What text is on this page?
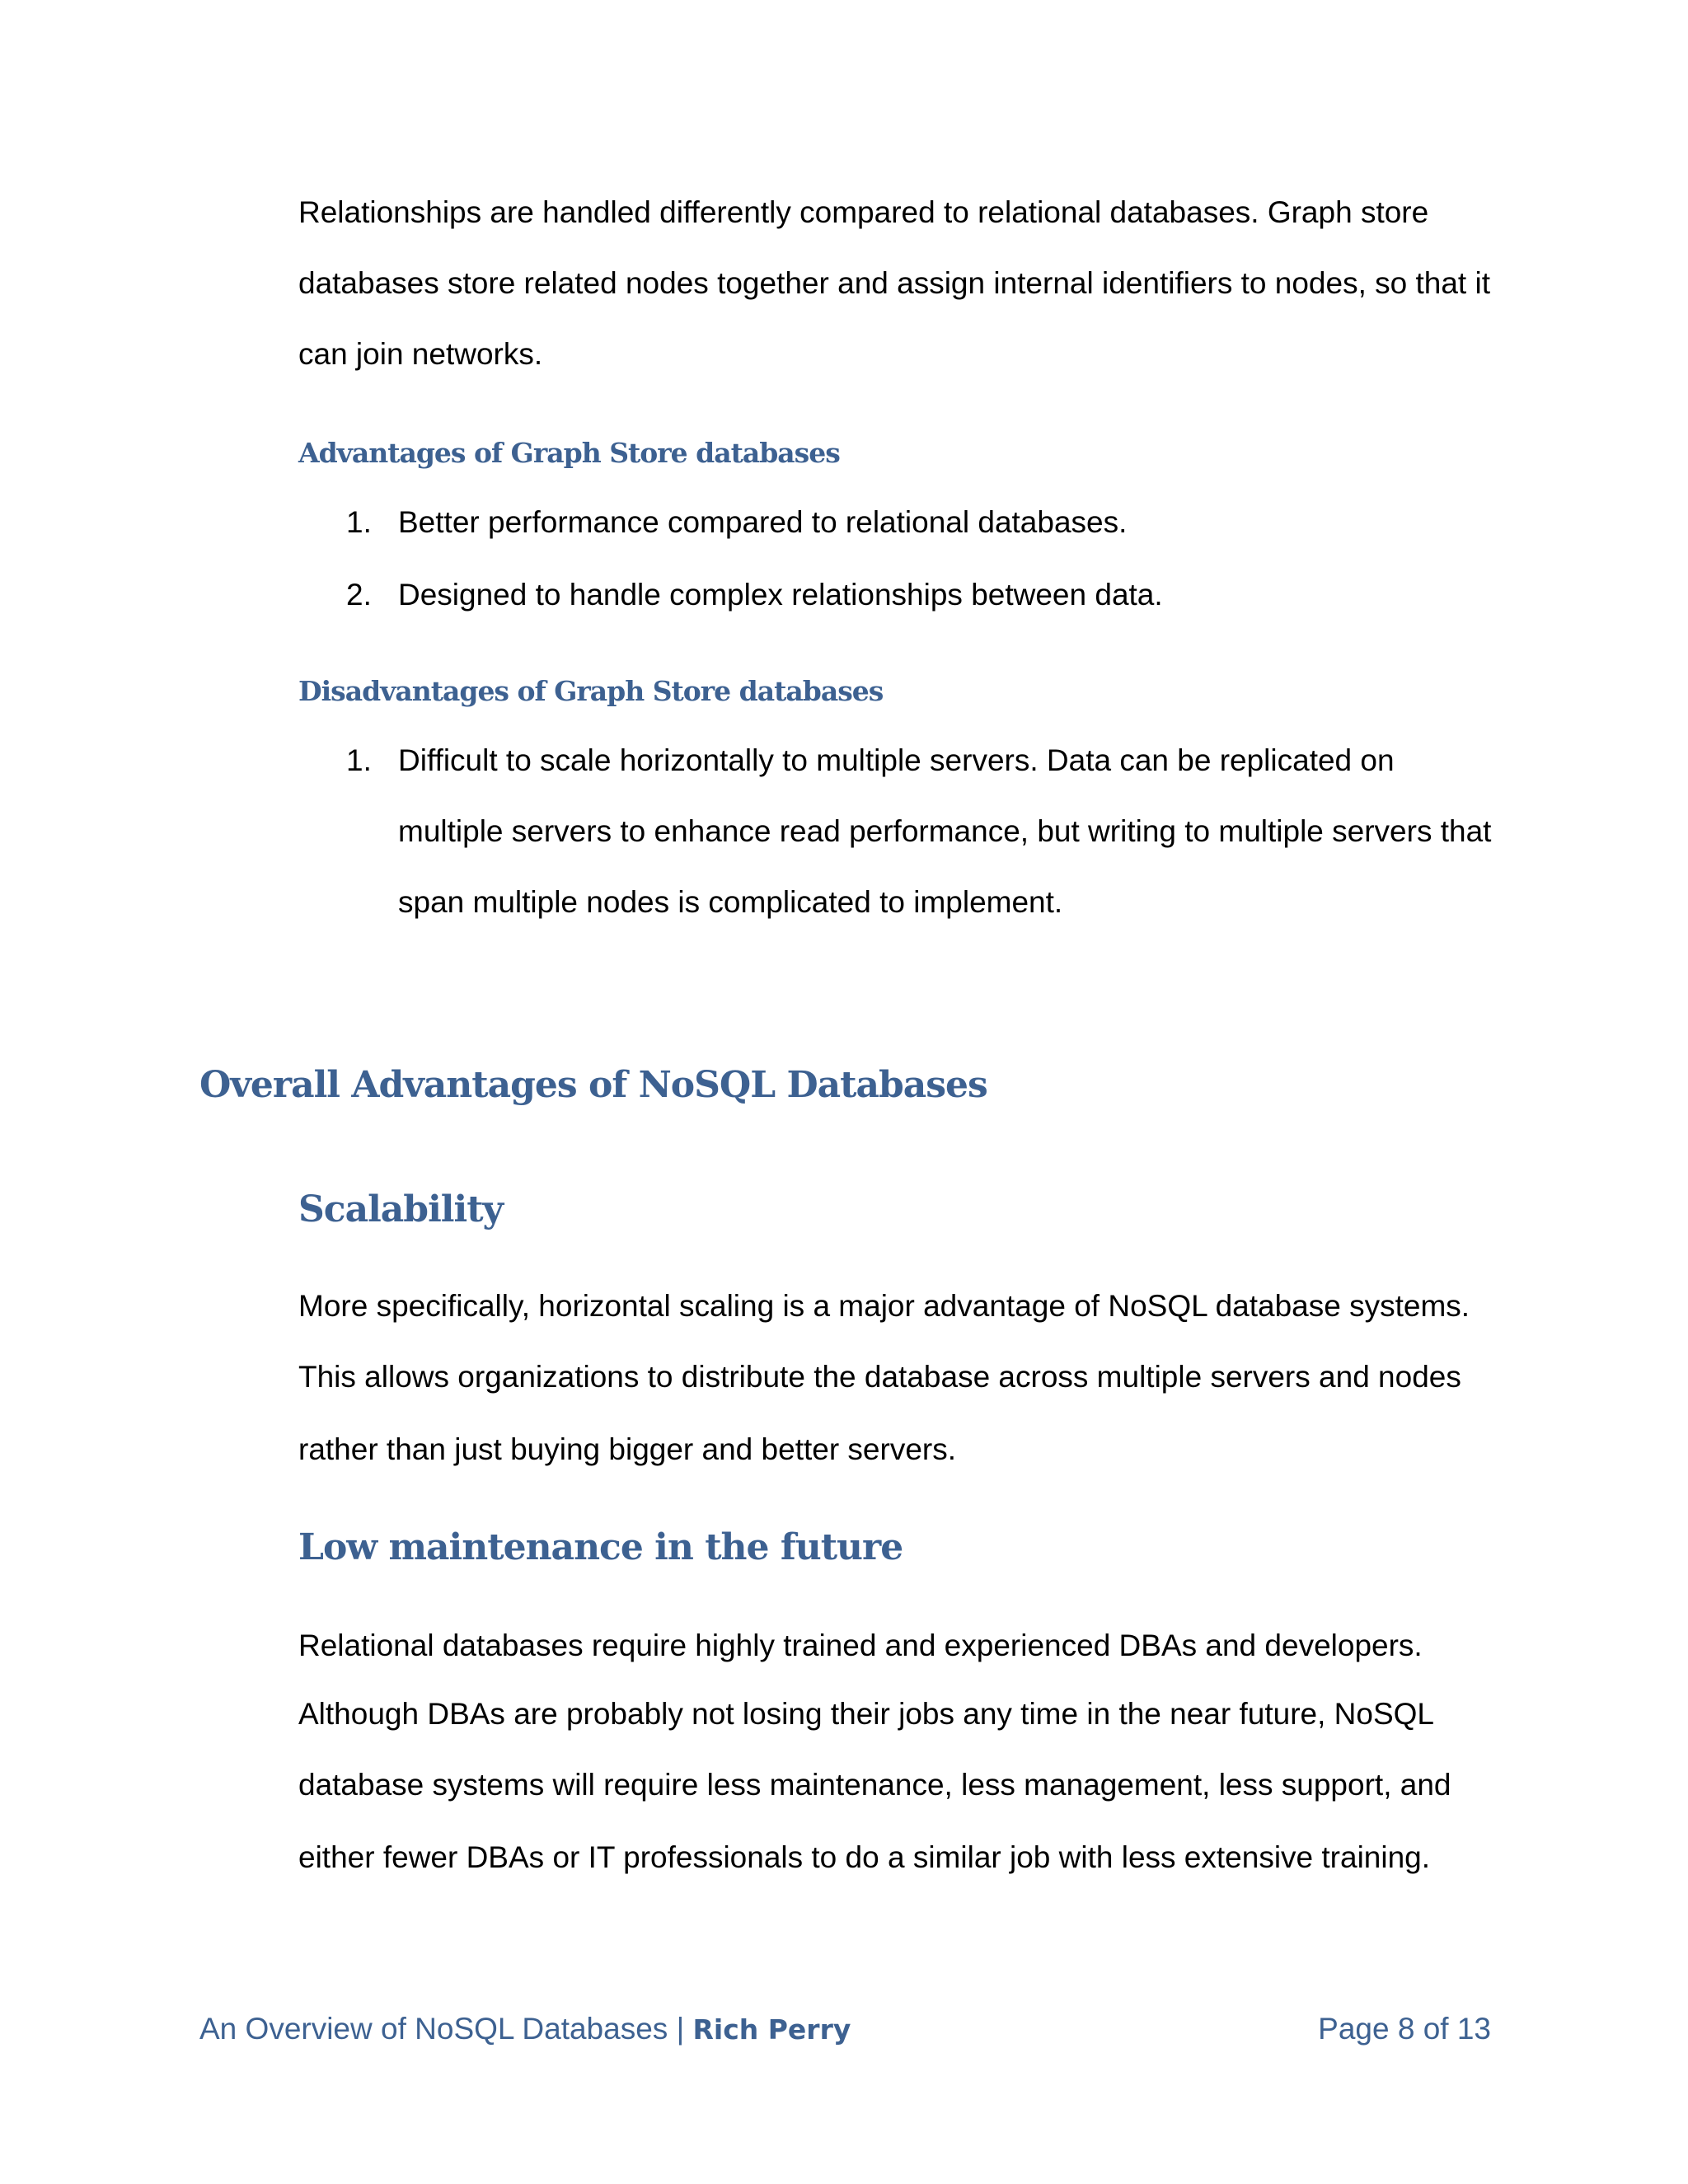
Relationships are handled differently compared to relational databases. Graph store
databases store related nodes together and assign internal identifiers to nodes, so that it
can join networks.
Advantages of Graph Store databases
1. Better performance compared to relational databases.
2. Designed to handle complex relationships between data.
Disadvantages of Graph Store databases
1. Difficult to scale horizontally to multiple servers. Data can be replicated on
multiple servers to enhance read performance, but writing to multiple servers that
span multiple nodes is complicated to implement.
Overall Advantages of NoSQL Databases
Scalability
More specifically, horizontal scaling is a major advantage of NoSQL database systems.
This allows organizations to distribute the database across multiple servers and nodes
rather than just buying bigger and better servers.
Low maintenance in the future
Relational databases require highly trained and experienced DBAs and developers.
Although DBAs are probably not losing their jobs any time in the near future, NoSQL
database systems will require less maintenance, less management, less support, and
either fewer DBAs or IT professionals to do a similar job with less extensive training.
An Overview of NoSQL Databases | Rich Perry	Page 8 of 13
